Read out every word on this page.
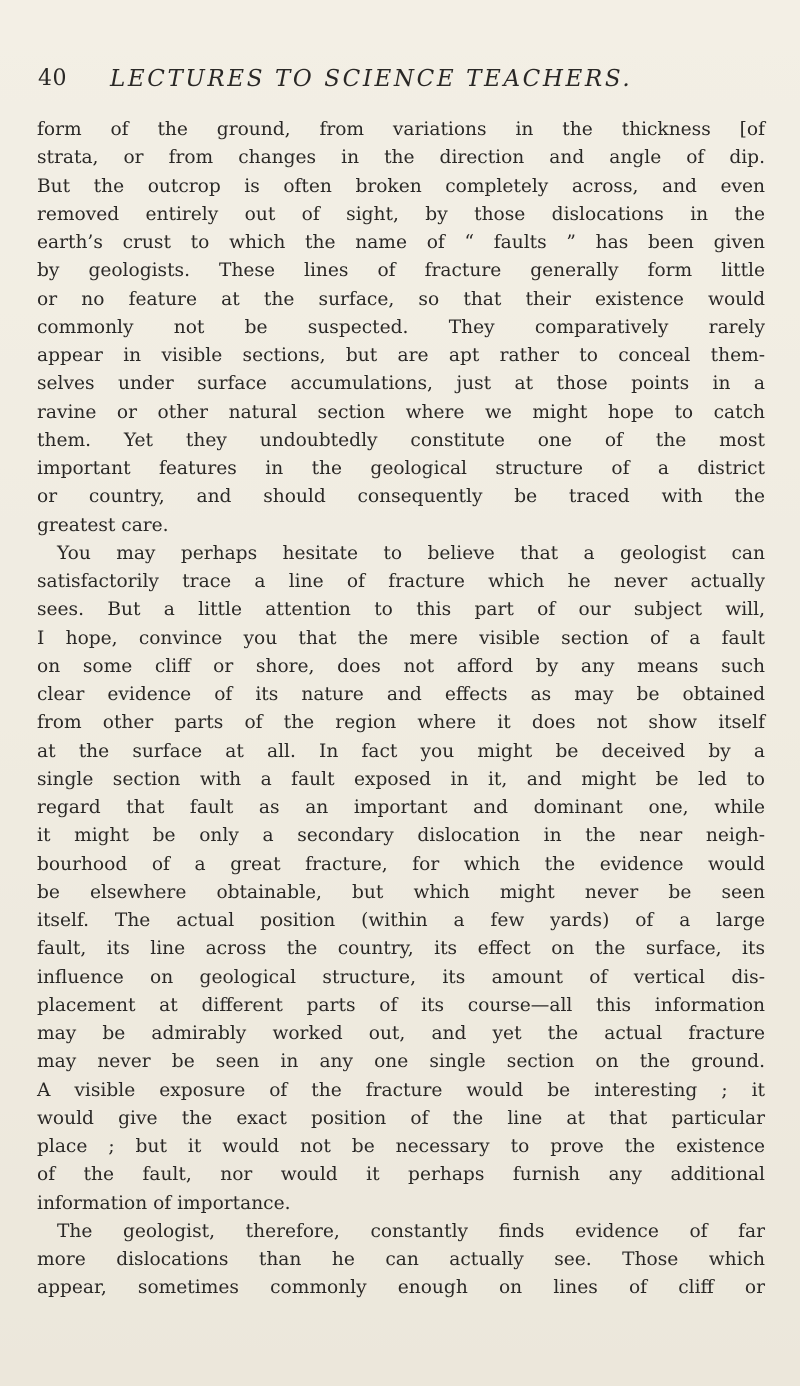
40 LECTURES TO SCIENCE TEACHERS.
form of the ground, from variations in the thickness [of
strata, or from changes in the direction and angle of dip.
But the outcrop is often broken completely across, and even
removed entirely out of sight, by those dislocations in the
earth’s crust to which the name of “ faults ” has been given
by geologists. These lines of fracture generally form little
or no feature at the surface, so that their existence would
commonly not be suspected. They comparatively rarely
appear in visible sections, but are apt rather to conceal them-
selves under surface accumulations, just at those points in a
ravine or other natural section where we might hope to catch
them. Yet they undoubtedly constitute one of the most
important features in the geological structure of a district
or country, and should consequently be traced with the
greatest care.
You may perhaps hesitate to believe that a geologist can
satisfactorily trace a line of fracture which he never actually
sees. But a little attention to this part of our subject will,
I hope, convince you that the mere visible section of a fault
on some cliff or shore, does not afford by any means such
clear evidence of its nature and effects as may be obtained
from other parts of the region where it does not show itself
at the surface at all. In fact you might be deceived by a
single section with a fault exposed in it, and might be led to
regard that fault as an important and dominant one, while
it might be only a secondary dislocation in the near neigh-
bourhood of a great fracture, for which the evidence would
be elsewhere obtainable, but which might never be seen
itself. The actual position (within a few yards) of a large
fault, its line across the country, its effect on the surface, its
influence on geological structure, its amount of vertical dis-
placement at different parts of its course—all this information
may be admirably worked out, and yet the actual fracture
may never be seen in any one single section on the ground.
A visible exposure of the fracture would be interesting ; it
would give the exact position of the line at that particular
place ; but it would not be necessary to prove the existence
of the fault, nor would it perhaps furnish any additional
information of importance.
The geologist, therefore, constantly finds evidence of far
more dislocations than he can actually see. Those which
appear, sometimes commonly enough on lines of cliff or
